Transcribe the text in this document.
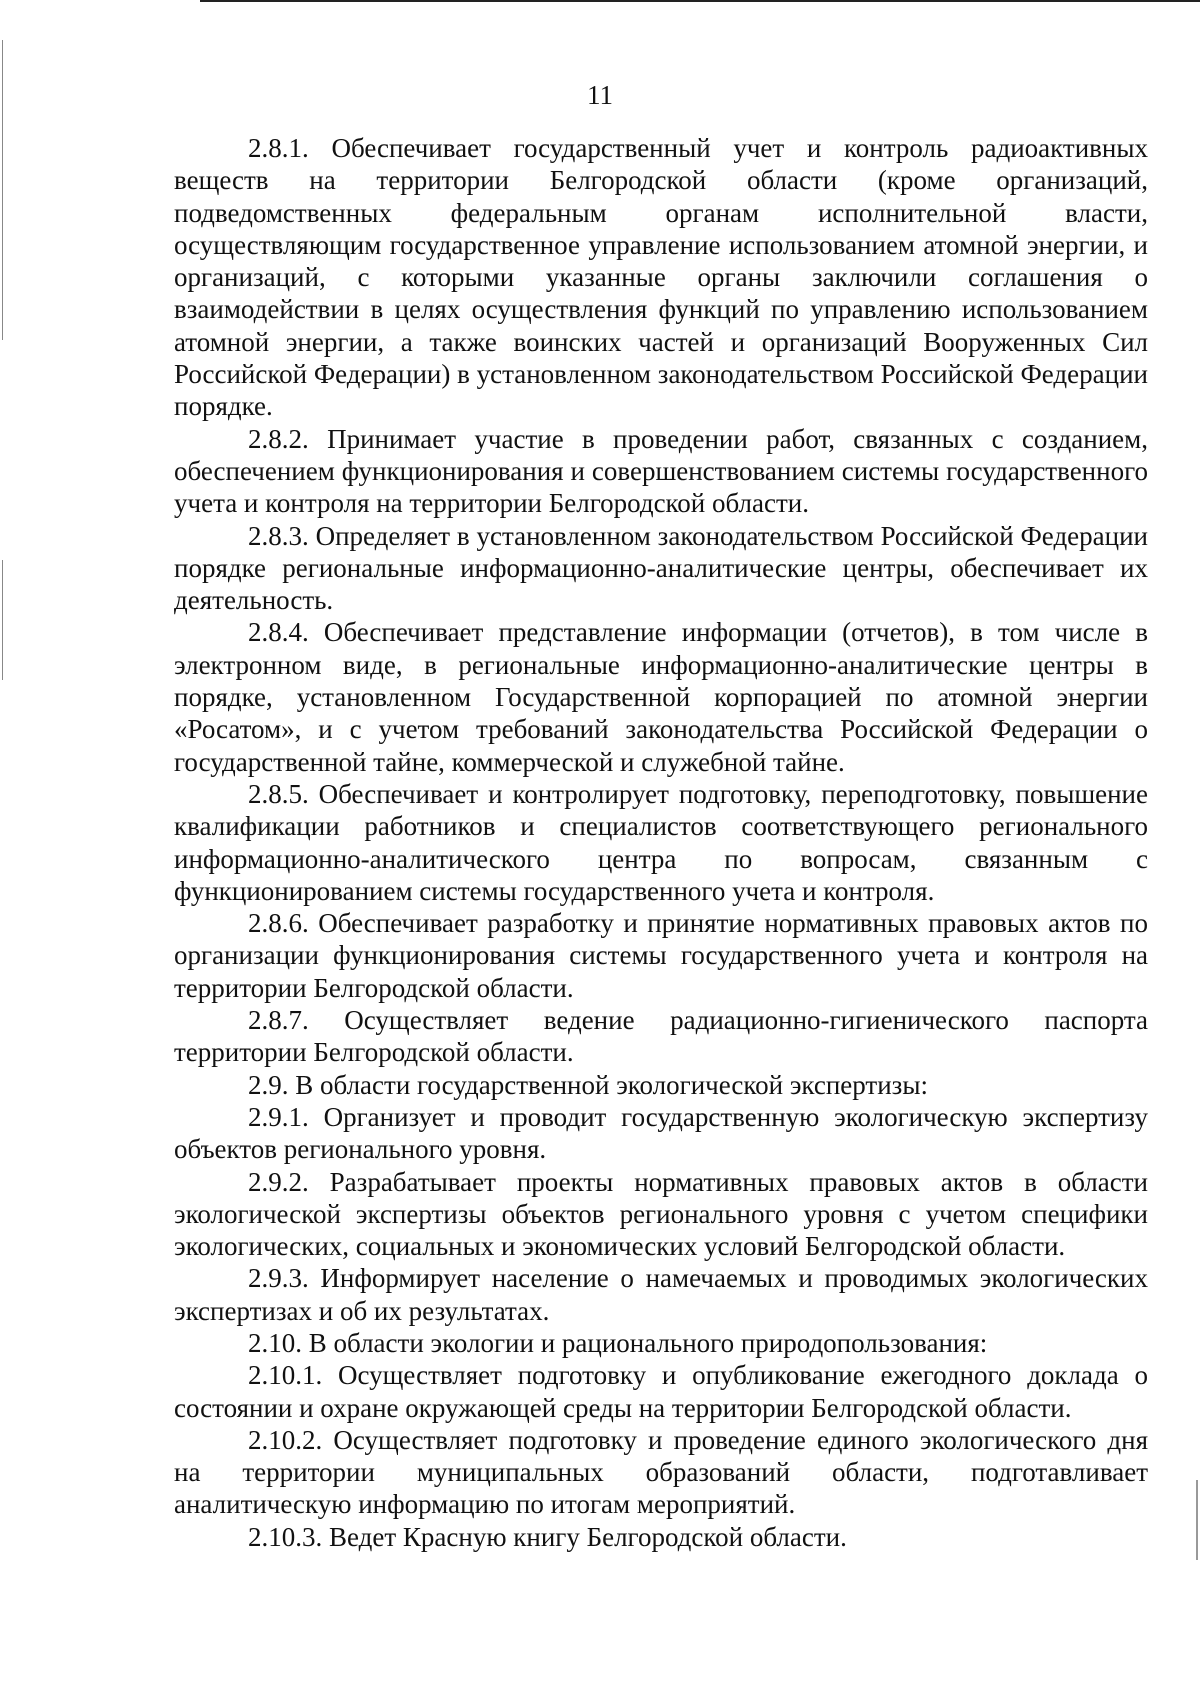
11

2.8.1. Обеспечивает государственный учет и контроль радиоактивных веществ на территории Белгородской области (кроме организаций, подведомственных федеральным органам исполнительной власти, осуществляющим государственное управление использованием атомной энергии, и организаций, с которыми указанные органы заключили соглашения о взаимодействии в целях осуществления функций по управлению использованием атомной энергии, а также воинских частей и организаций Вооруженных Сил Российской Федерации) в установленном законодательством Российской Федерации порядке.

2.8.2. Принимает участие в проведении работ, связанных с созданием, обеспечением функционирования и совершенствованием системы государственного учета и контроля на территории Белгородской области.

2.8.3. Определяет в установленном законодательством Российской Федерации порядке региональные информационно-аналитические центры, обеспечивает их деятельность.

2.8.4. Обеспечивает представление информации (отчетов), в том числе в электронном виде, в региональные информационно-аналитические центры в порядке, установленном Государственной корпорацией по атомной энергии «Росатом», и с учетом требований законодательства Российской Федерации о государственной тайне, коммерческой и служебной тайне.

2.8.5. Обеспечивает и контролирует подготовку, переподготовку, повышение квалификации работников и специалистов соответствующего регионального информационно-аналитического центра по вопросам, связанным с функционированием системы государственного учета и контроля.

2.8.6. Обеспечивает разработку и принятие нормативных правовых актов по организации функционирования системы государственного учета и контроля на территории Белгородской области.

2.8.7. Осуществляет ведение радиационно-гигиенического паспорта территории Белгородской области.

2.9. В области государственной экологической экспертизы:

2.9.1. Организует и проводит государственную экологическую экспертизу объектов регионального уровня.

2.9.2. Разрабатывает проекты нормативных правовых актов в области экологической экспертизы объектов регионального уровня с учетом специфики экологических, социальных и экономических условий Белгородской области.

2.9.3. Информирует население о намечаемых и проводимых экологических экспертизах и об их результатах.

2.10. В области экологии и рационального природопользования:

2.10.1. Осуществляет подготовку и опубликование ежегодного доклада о состоянии и охране окружающей среды на территории Белгородской области.

2.10.2. Осуществляет подготовку и проведение единого экологического дня на территории муниципальных образований области, подготавливает аналитическую информацию по итогам мероприятий.

2.10.3. Ведет Красную книгу Белгородской области.
